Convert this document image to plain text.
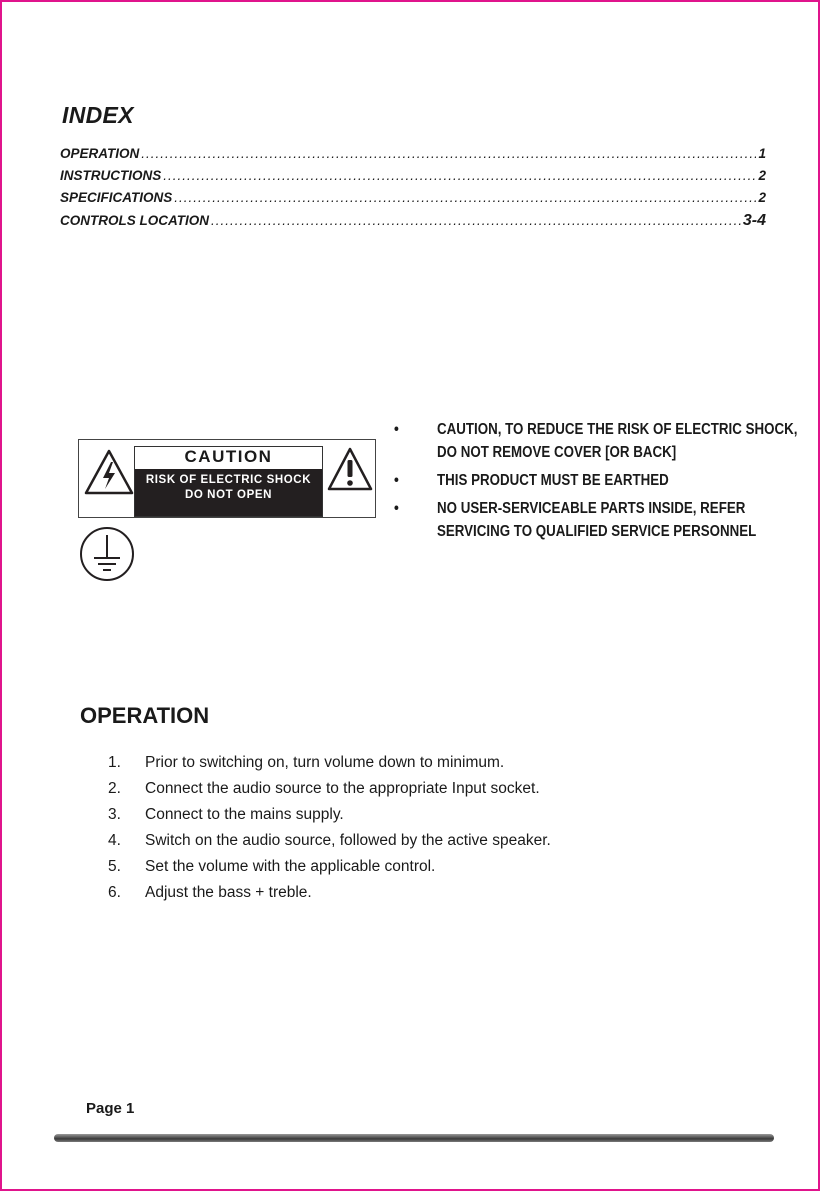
INDEX
OPERATION .....	1
INSTRUCTIONS .....	2
SPECIFICATIONS .....	2
CONTROLS LOCATION .....	3-4
CAUTION
RISK OF ELECTRIC SHOCK
DO NOT OPEN
• CAUTION, TO REDUCE THE RISK OF ELECTRIC SHOCK, DO NOT REMOVE COVER [OR BACK]
• THIS PRODUCT MUST BE EARTHED
• NO USER-SERVICEABLE PARTS INSIDE, REFER SERVICING TO QUALIFIED SERVICE PERSONNEL
OPERATION
1.	Prior to switching on, turn volume down to minimum.
2.	Connect the audio source to the appropriate Input socket.
3.	Connect to the mains supply.
4.	Switch on the audio source, followed by the active speaker.
5.	Set the volume with the applicable control.
6.	Adjust the bass + treble.
Page 1
